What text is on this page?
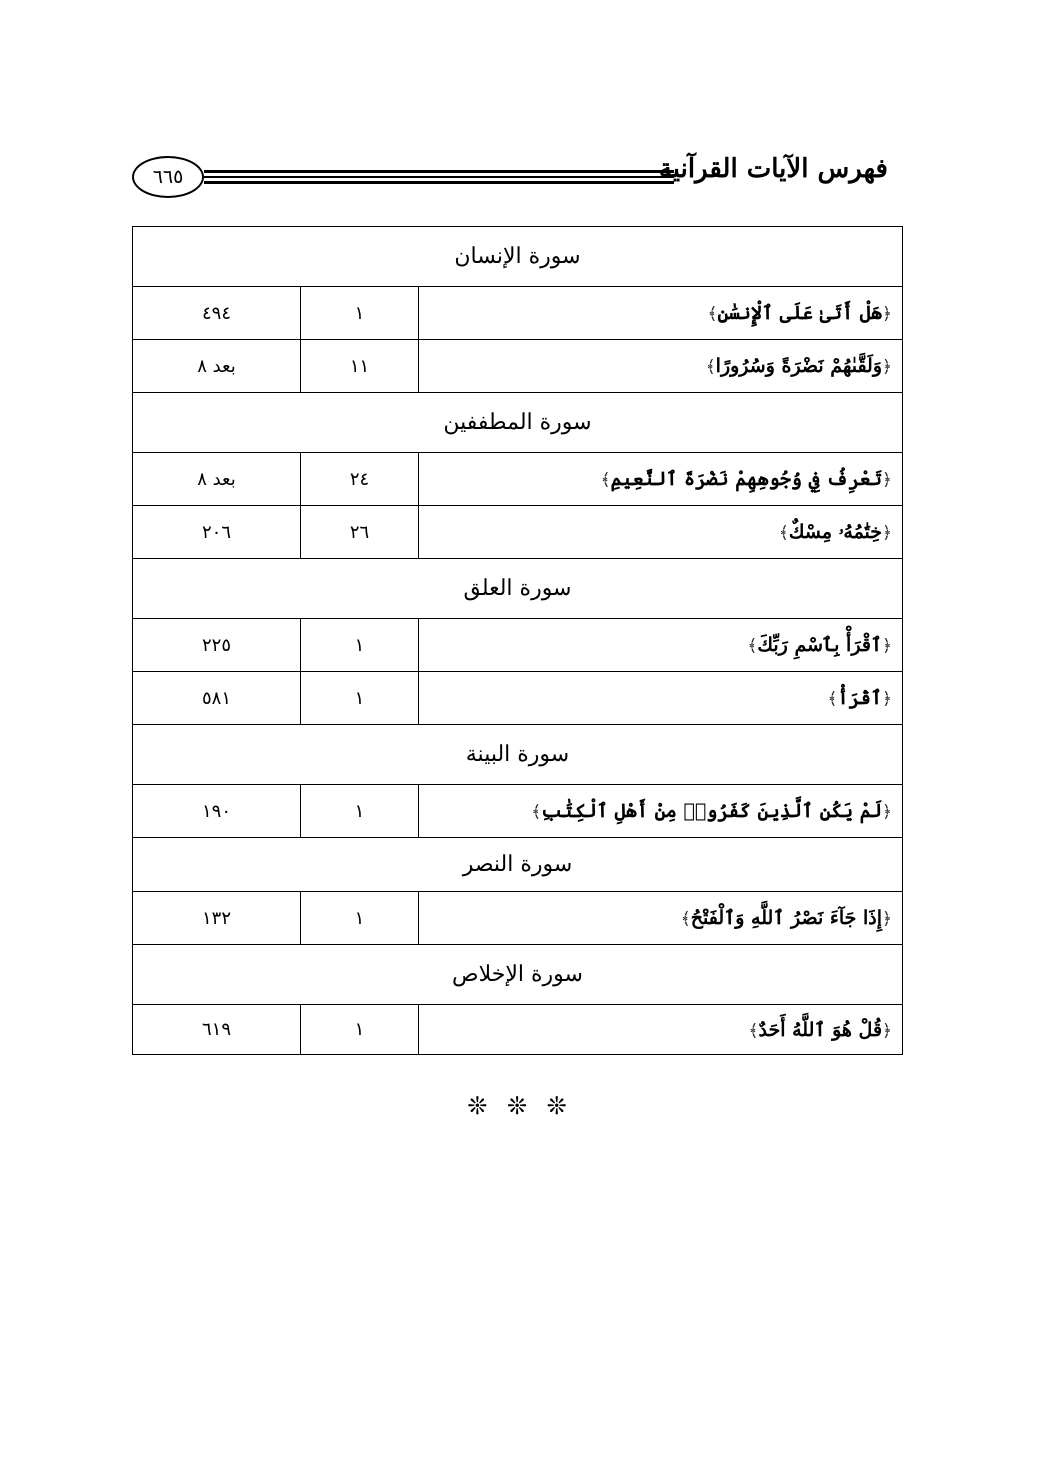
٦٦٥	فهرس الآيات القرآنية
سورة الإنسان		
﴿هَلْ أَتَىٰ عَلَى ٱلْإِنسَٰنِ﴾	١	٤٩٤
﴿وَلَقَّىٰهُمْ نَضْرَةً وَسُرُورًا﴾	١١	بعد ٨
سورة المطففين		
﴿تَعْرِفُ فِي وُجُوهِهِمْ نَضْرَةَ ٱلنَّعِيمِ﴾	٢٤	بعد ٨
﴿خِتَٰمُهُۥ مِسْكٌ﴾	٢٦	٢٠٦
سورة العلق		
﴿ٱقْرَأْ بِٱسْمِ رَبِّكَ﴾	١	٢٢٥
﴿ٱقْرَأْ﴾	١	٥٨١
سورة البينة		
﴿لَمْ يَكُنِ ٱلَّذِينَ كَفَرُوا۟ مِنْ أَهْلِ ٱلْكِتَٰبِ﴾	١	١٩٠
سورة النصر		
﴿إِذَا جَآءَ نَصْرُ ٱللَّهِ وَٱلْفَتْحُ﴾	١	١٣٢
سورة الإخلاص		
﴿قُلْ هُوَ ٱللَّهُ أَحَدٌ﴾	١	٦١٩
❊ ❊ ❊
